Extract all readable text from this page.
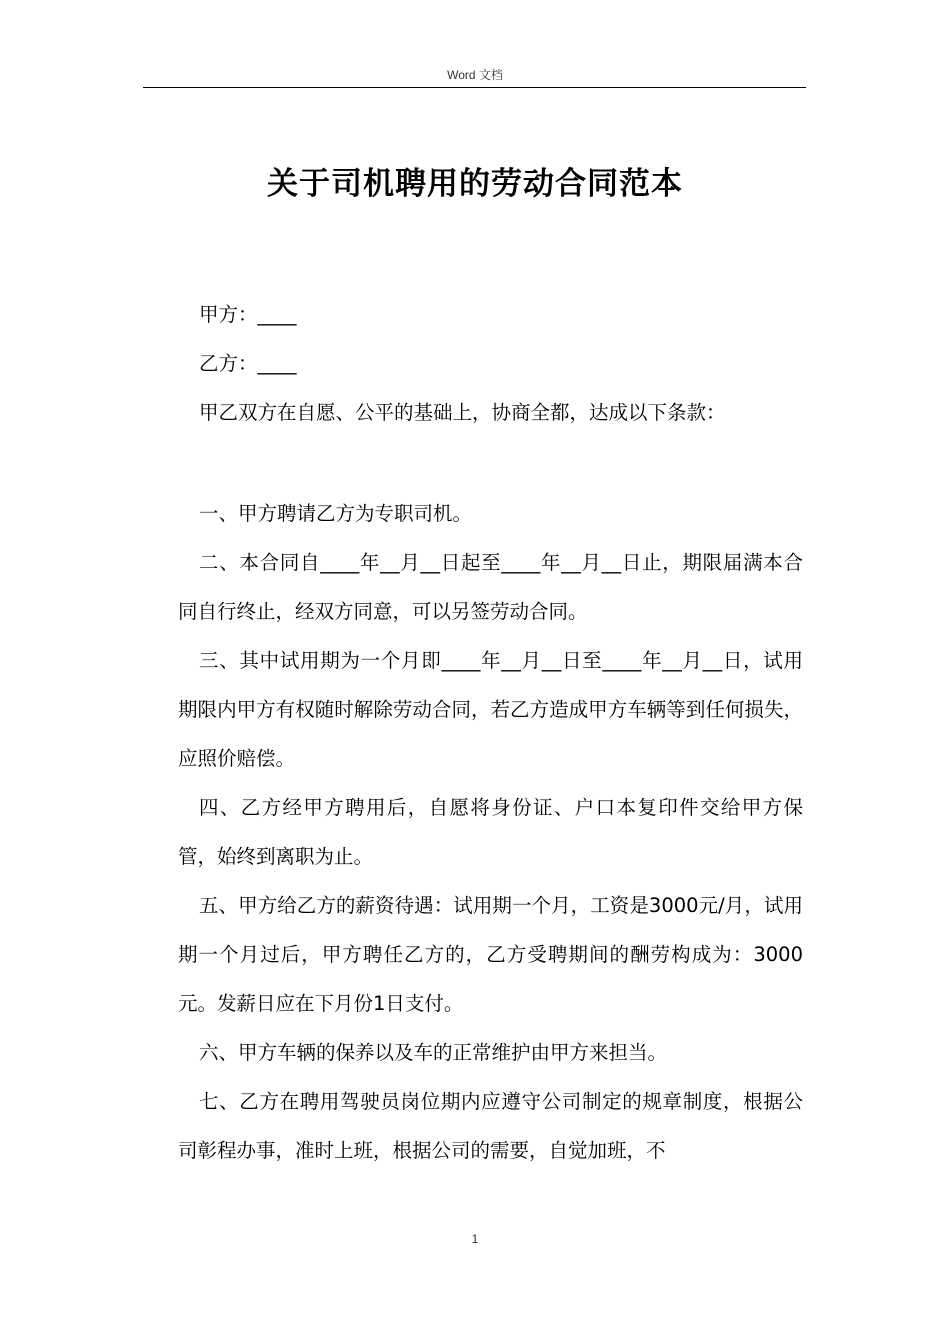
Word 文档
关于司机聘用的劳动合同范本

甲方：____

乙方：____

甲乙双方在自愿、公平的基础上，协商全都，达成以下条款：

一、甲方聘请乙方为专职司机。

二、本合同自____年__月__日起至____年__月__日止，期限届满本合同自行终止，经双方同意，可以另签劳动合同。

三、其中试用期为一个月即____年__月__日至____年__月__日，试用期限内甲方有权随时解除劳动合同，若乙方造成甲方车辆等到任何损失，应照价赔偿。

四、乙方经甲方聘用后，自愿将身份证、户口本复印件交给甲方保管，始终到离职为止。

五、甲方给乙方的薪资待遇：试用期一个月，工资是3000元/月，试用期一个月过后，甲方聘任乙方的，乙方受聘期间的酬劳构成为：3000元。发薪日应在下月份1日支付。

六、甲方车辆的保养以及车的正常维护由甲方来担当。

七、乙方在聘用驾驶员岗位期内应遵守公司制定的规章制度，根据公司彰程办事，准时上班，根据公司的需要，自觉加班，不

1
